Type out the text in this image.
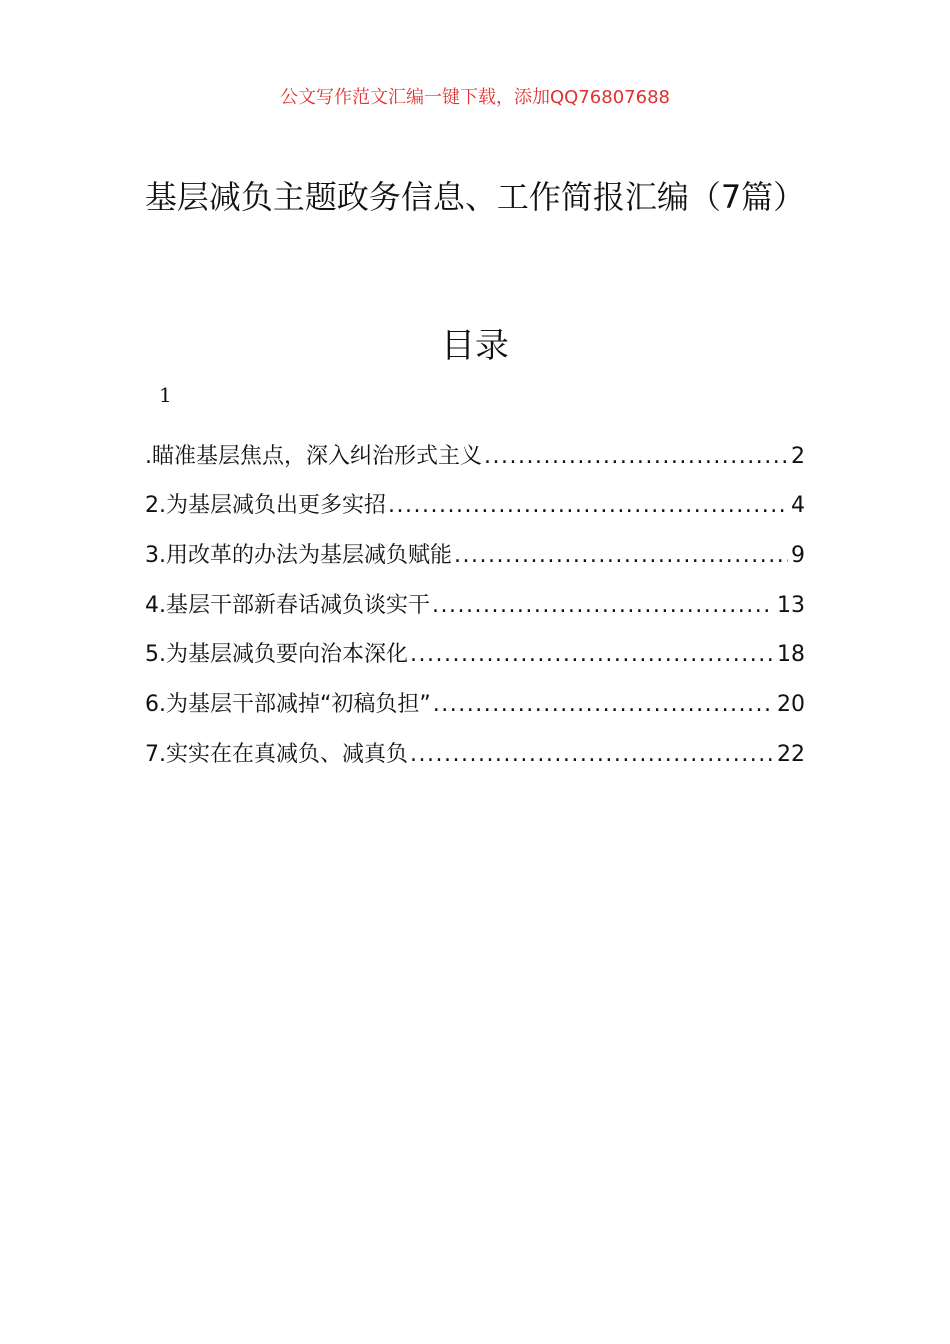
公文写作范文汇编一键下载，添加QQ76807688
基层减负主题政务信息、工作简报汇编（7篇）
目录
1
.瞄准基层焦点，深入纠治形式主义 .....	2
2.为基层减负出更多实招 .....	4
3.用改革的办法为基层减负赋能 .....	9
4.基层干部新春话减负谈实干 .....	13
5.为基层减负要向治本深化 .....	18
6.为基层干部减掉“初稿负担” .....	20
7.实实在在真减负、减真负 .....	22
